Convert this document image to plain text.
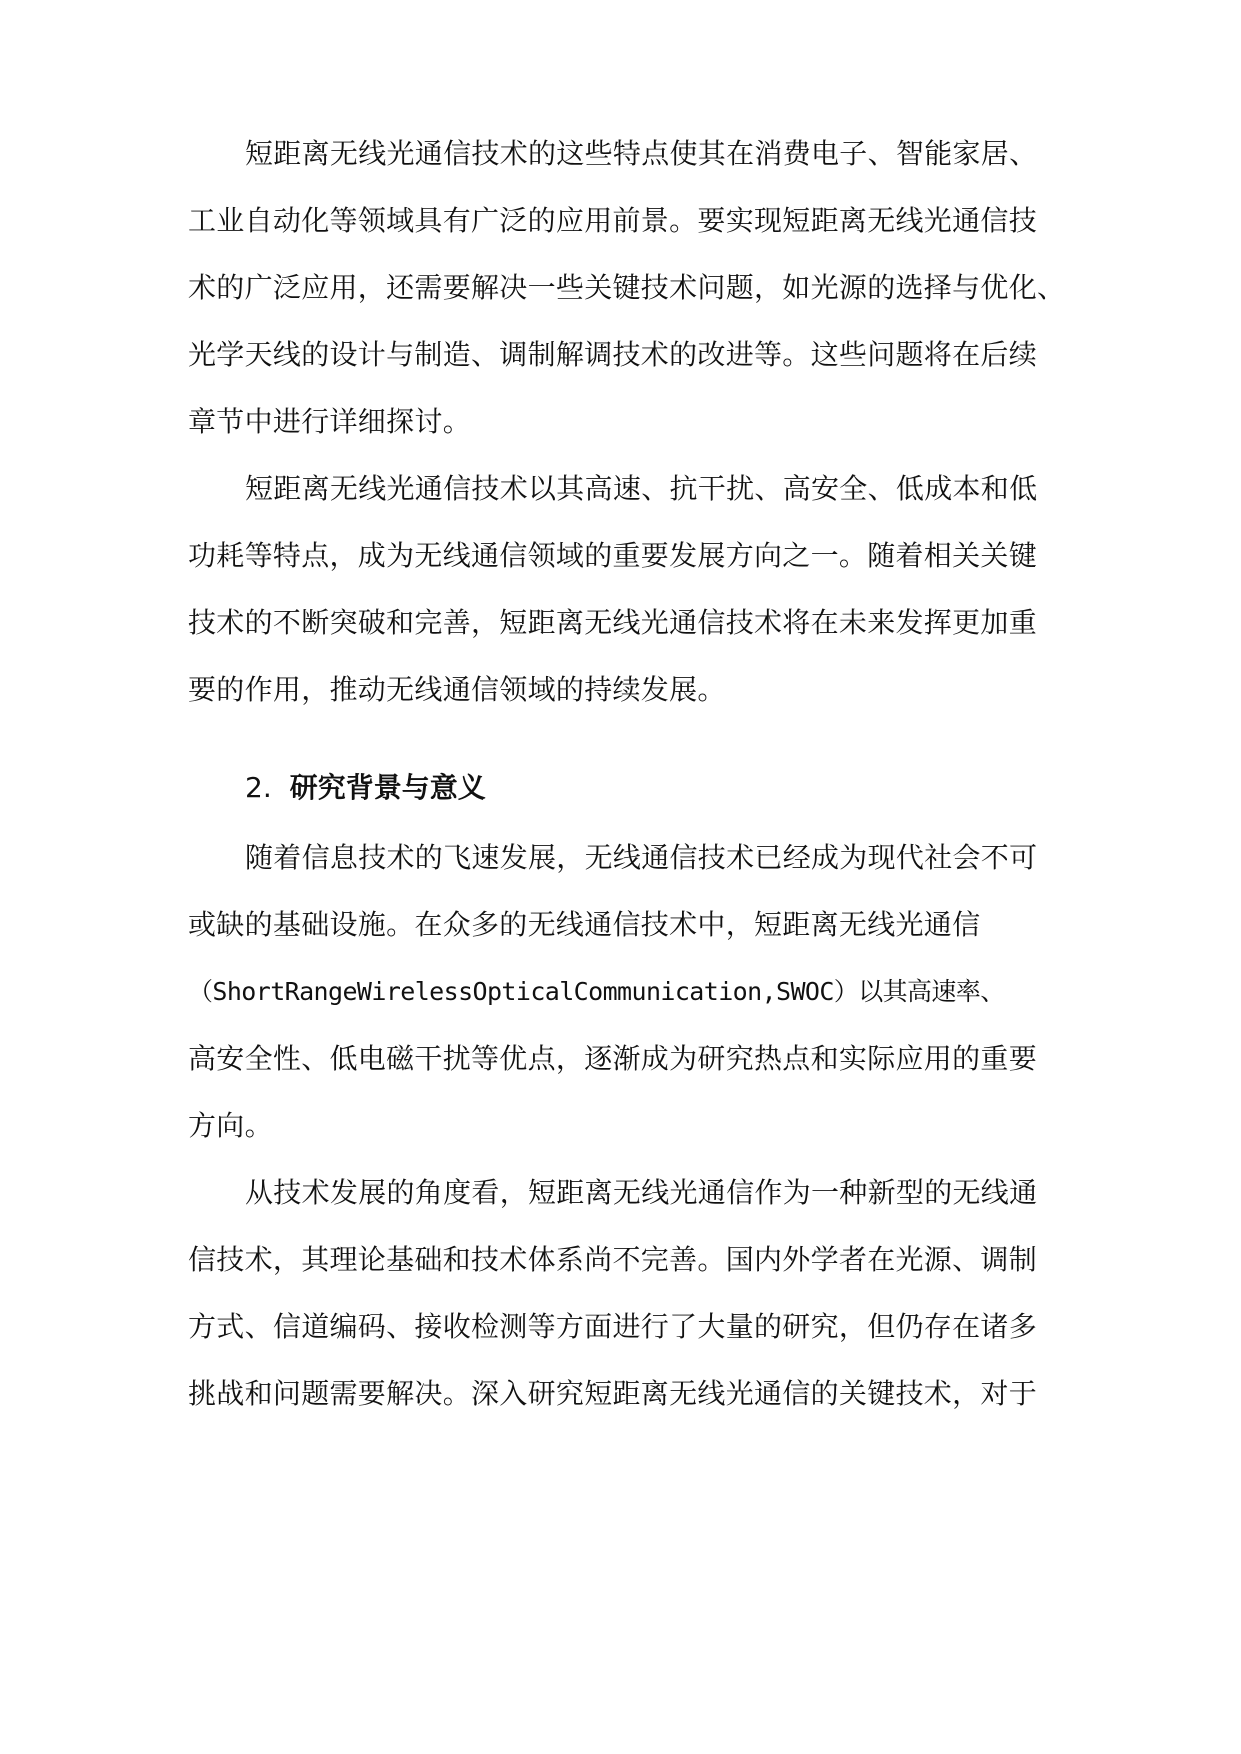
短距离无线光通信技术的这些特点使其在消费电子、智能家居、
工业自动化等领域具有广泛的应用前景。要实现短距离无线光通信技
术的广泛应用，还需要解决一些关键技术问题，如光源的选择与优化、
光学天线的设计与制造、调制解调技术的改进等。这些问题将在后续
章节中进行详细探讨。
短距离无线光通信技术以其高速、抗干扰、高安全、低成本和低
功耗等特点，成为无线通信领域的重要发展方向之一。随着相关关键
技术的不断突破和完善，短距离无线光通信技术将在未来发挥更加重
要的作用，推动无线通信领域的持续发展。
2. 研究背景与意义
随着信息技术的飞速发展，无线通信技术已经成为现代社会不可
或缺的基础设施。在众多的无线通信技术中，短距离无线光通信
（ShortRangeWirelessOpticalCommunication,SWOC）以其高速率、
高安全性、低电磁干扰等优点，逐渐成为研究热点和实际应用的重要
方向。
从技术发展的角度看，短距离无线光通信作为一种新型的无线通
信技术，其理论基础和技术体系尚不完善。国内外学者在光源、调制
方式、信道编码、接收检测等方面进行了大量的研究，但仍存在诸多
挑战和问题需要解决。深入研究短距离无线光通信的关键技术，对于
